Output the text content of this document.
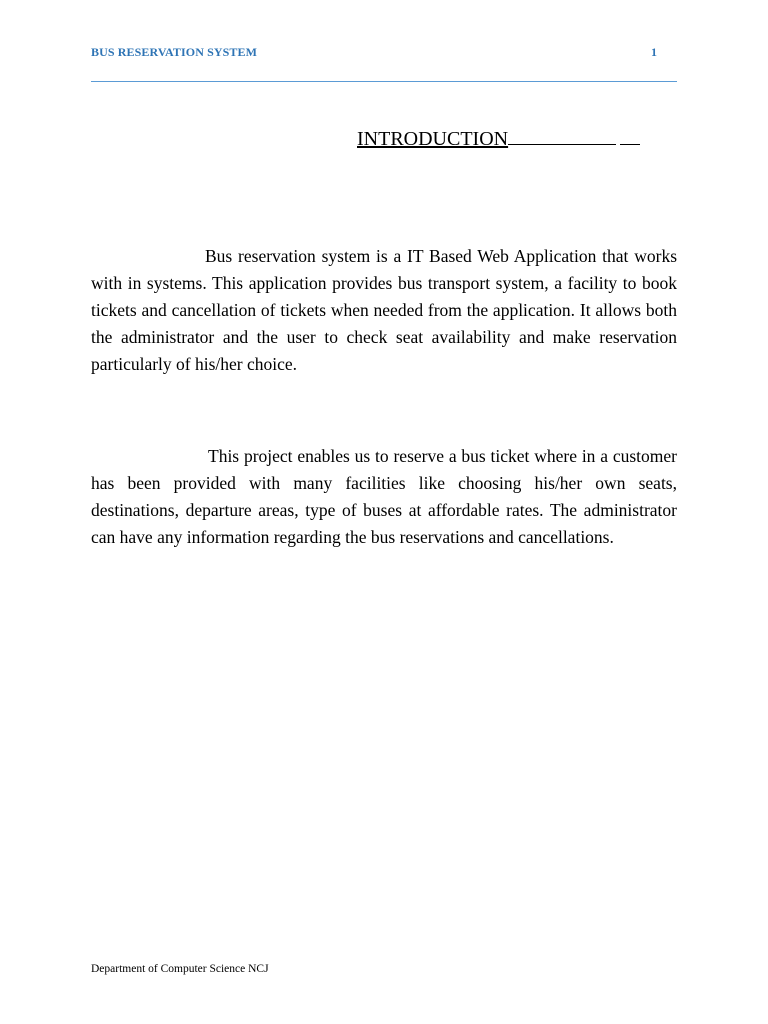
BUS RESERVATION SYSTEM	1
INTRODUCTION

Bus reservation system is a IT Based Web Application that works with in systems. This application provides bus transport system, a facility to book tickets and cancellation of tickets when needed from the application. It allows both the administrator and the user to check seat availability and make reservation particularly of his/her choice.

This project enables us to reserve a bus ticket where in a customer has been provided with many facilities like choosing his/her own seats, destinations, departure areas, type of buses at affordable rates. The administrator can have any information regarding the bus reservations and cancellations.

Department of Computer Science NCJ
